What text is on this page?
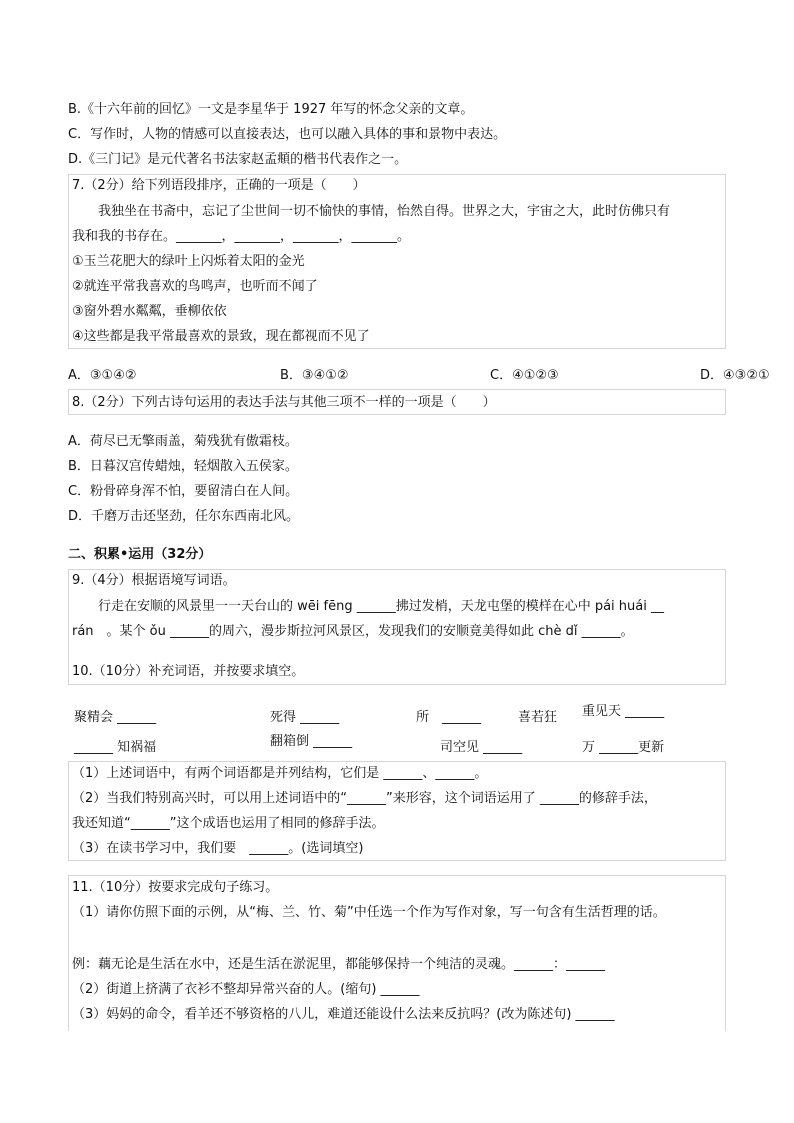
B.《十六年前的回忆》一文是李星华于 1927 年写的怀念父亲的文章。
C．写作时，人物的情感可以直接表达，也可以融入具体的事和景物中表达。
D.《三门记》是元代著名书法家赵孟頫的楷书代表作之一。
7.（2分）给下列语段排序，正确的一项是（　　）
我独坐在书斋中，忘记了尘世间一切不愉快的事情，怡然自得。世界之大，宇宙之大，此时仿佛只有
我和我的书存在。_______，_______，_______，_______。
①玉兰花肥大的绿叶上闪烁着太阳的金光
②就连平常我喜欢的鸟鸣声，也听而不闻了
③窗外碧水粼粼，垂柳依依
④这些都是我平常最喜欢的景致，现在都视而不见了
A．③①④②	B．③④①②	C．④①②③	D．④③②①
8.（2分）下列古诗句运用的表达手法与其他三项不一样的一项是（　　）
A．荷尽已无擎雨盖，菊残犹有傲霜枝。
B．日暮汉宫传蜡烛，轻烟散入五侯家。
C．粉骨碎身浑不怕，要留清白在人间。
D．千磨万击还坚劲，任尔东西南北风。
二、积累•运用（32分）
9.（4分）根据语境写词语。
行走在安顺的风景里一一天台山的 wēi fēng ______拂过发梢，天龙屯堡的模样在心中 pái huái __
rán　。某个 ǒu ______的周六，漫步斯拉河风景区，发现我们的安顺竟美得如此 chè dǐ ______。
10.（10分）补充词语，并按要求填空。
聚精会 ______	死得 ______	所　______	喜若狂 重见天 ______
______ 知祸福	翻箱倒 ______	司空见 ______	万 ______更新
（1）上述词语中，有两个词语都是并列结构，它们是 ______、______。
（2）当我们特别高兴时，可以用上述词语中的“______”来形容，这个词语运用了 ______的修辞手法，
我还知道“______”这个成语也运用了相同的修辞手法。
（3）在读书学习中，我们要　______。(选词填空)
11.（10分）按要求完成句子练习。
（1）请你仿照下面的示例，从“梅、兰、竹、菊”中任选一个作为写作对象，写一句含有生活哲理的话。
例：藕无论是生活在水中，还是生活在淤泥里，都能够保持一个纯洁的灵魂。______：______
（2）街道上挤满了衣衫不整却异常兴奋的人。(缩句) ______
（3）妈妈的命令，看羊还不够资格的八儿，难道还能设什么法来反抗吗？(改为陈述句) ______
